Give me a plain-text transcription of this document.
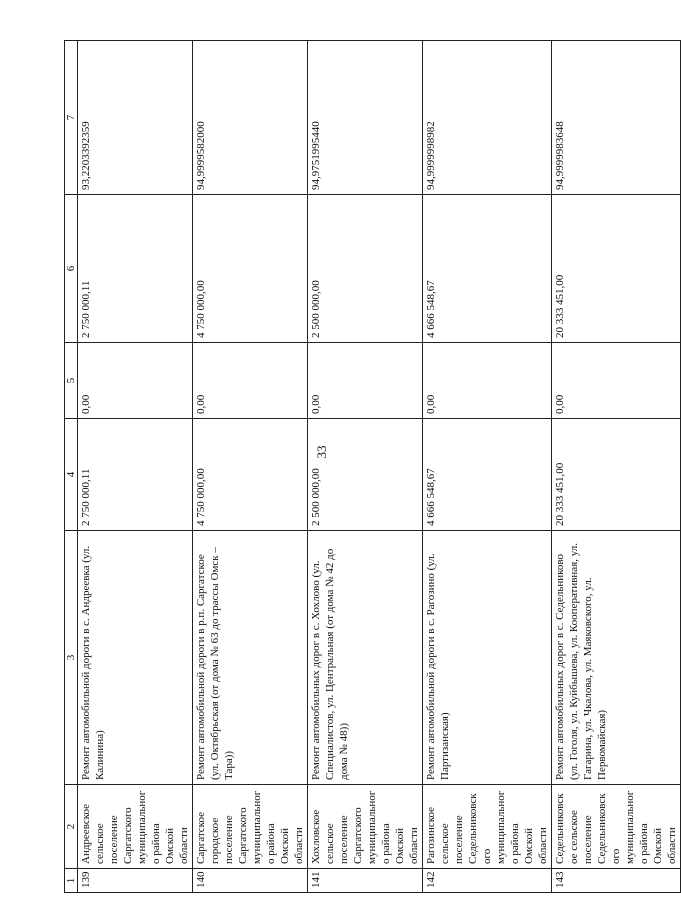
33
1	2	3	4	5	6	7
139	Андреевское сельское поселение Саргатского муниципального района Омской области	Ремонт автомобильной дороги в с. Андреевка (ул. Калинина)	2 750 000,11	0,00	2 750 000,11	93,2203392359
140	Саргатское городское поселение Саргатского муниципального района Омской области	Ремонт автомобильной дороги в р.п. Саргатское (ул. Октябрьская (от дома № 63 до трассы Омск – Тара))	4 750 000,00	0,00	4 750 000,00	94,9999582000
141	Хохловское сельское поселение Саргатского муниципального района Омской области	Ремонт автомобильных дорог в с. Хохлово (ул. Специалистов, ул. Центральная (от дома № 42 до дома № 48))	2 500 000,00	0,00	2 500 000,00	94,9751995440
142	Рагозинское сельское поселение Седельниковского муниципального района Омской области	Ремонт автомобильной дороги в с. Рагозино (ул. Партизанская)	4 666 548,67	0,00	4 666 548,67	94,9999998982
143	Седельниковское сельское поселение Седельниковского муниципального района Омской области	Ремонт автомобильных дорог в с. Седельниково (ул. Гоголя, ул. Куйбышева, ул. Кооперативная, ул. Гагарина, ул. Чкалова, ул. Маяковского, ул. Первомайская)	20 333 451,00	0,00	20 333 451,00	94,9999983648
